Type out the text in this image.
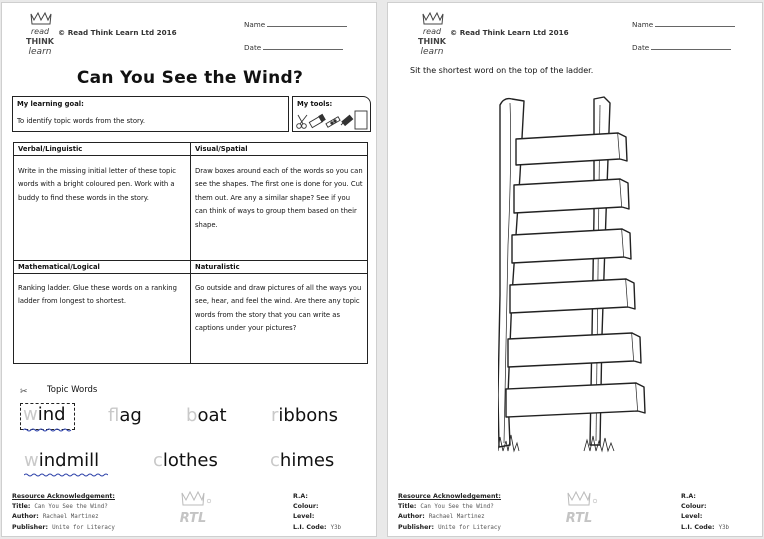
read
THINK
learn
© Read Think Learn Ltd 2016
Name
Date
Can You See the Wind?
My learning goal:
To identify topic words from the story.
My tools:
Verbal/Linguistic
Write in the missing initial letter of these topic words with a bright coloured pen. Work with a buddy to find these words in the story.
Visual/Spatial
Draw boxes around each of the words so you can see the shapes. The first one is done for you. Cut them out. Are any a similar shape? See if you can think of ways to group them based on their shape.
Mathematical/Logical
Ranking ladder. Glue these words on a ranking ladder from longest to shortest.
Naturalistic
Go outside and draw pictures of all the ways you see, hear, and feel the wind. Are there any topic words from the story that you can write as captions under your pictures?
✂ Topic Words
wind flag boat ribbons
windmill	clothes	chimes
Resource Acknowledgement:
Title: Can You See the Wind?
Author: Rachael Martinez
Publisher: Unite for Literacy
RTL
R.A:
Colour:
Level:
L.I. Code: Y3b
read
THINK
learn
© Read Think Learn Ltd 2016
Name
Date
Sit the shortest word on the top of the ladder.
Resource Acknowledgement:
Title: Can You See the Wind?
Author: Rachael Martinez
Publisher: Unite for Literacy
RTL
R.A:
Colour:
Level:
L.I. Code: Y3b
